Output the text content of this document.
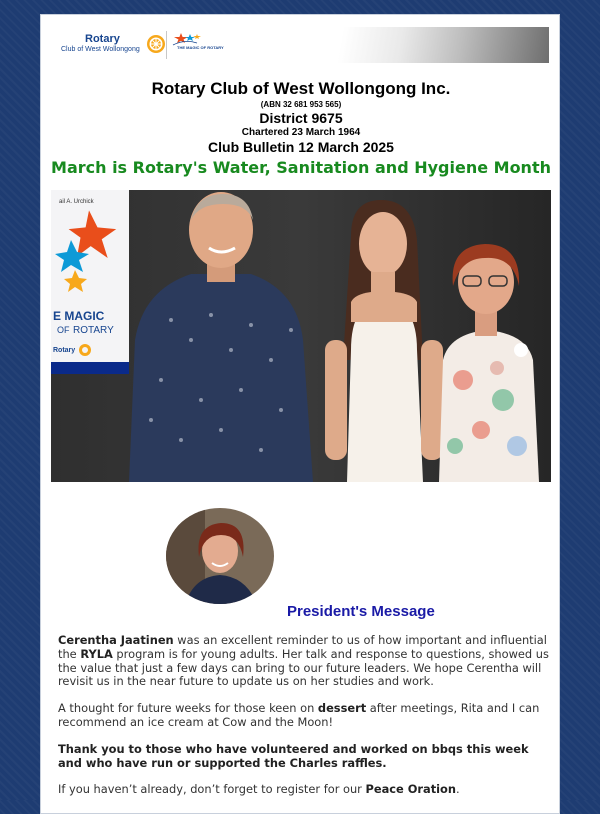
Rotary
Club of West Wollongong	THE MAGIC OF ROTARY
Rotary Club of West Wollongong Inc.
(ABN 32 681 953 565)
District 9675
Chartered 23 March 1964
Club Bulletin 12 March 2025
March is Rotary's Water, Sanitation and Hygiene Month
ail A. Urchick
E MAGIC
OF ROTARY
Rotary
President's Message

Cerentha Jaatinen was an excellent reminder to us of how important and influential the RYLA program is for young adults. Her talk and response to questions, showed us the value that just a few days can bring to our future leaders. We hope Cerentha will revisit us in the near future to update us on her studies and work.

A thought for future weeks for those keen on dessert after meetings, Rita and I can recommend an ice cream at Cow and the Moon!

Thank you to those who have volunteered and worked on bbqs this week and who have run or supported the Charles raffles.

If you haven’t already, don’t forget to register for our Peace Oration.
